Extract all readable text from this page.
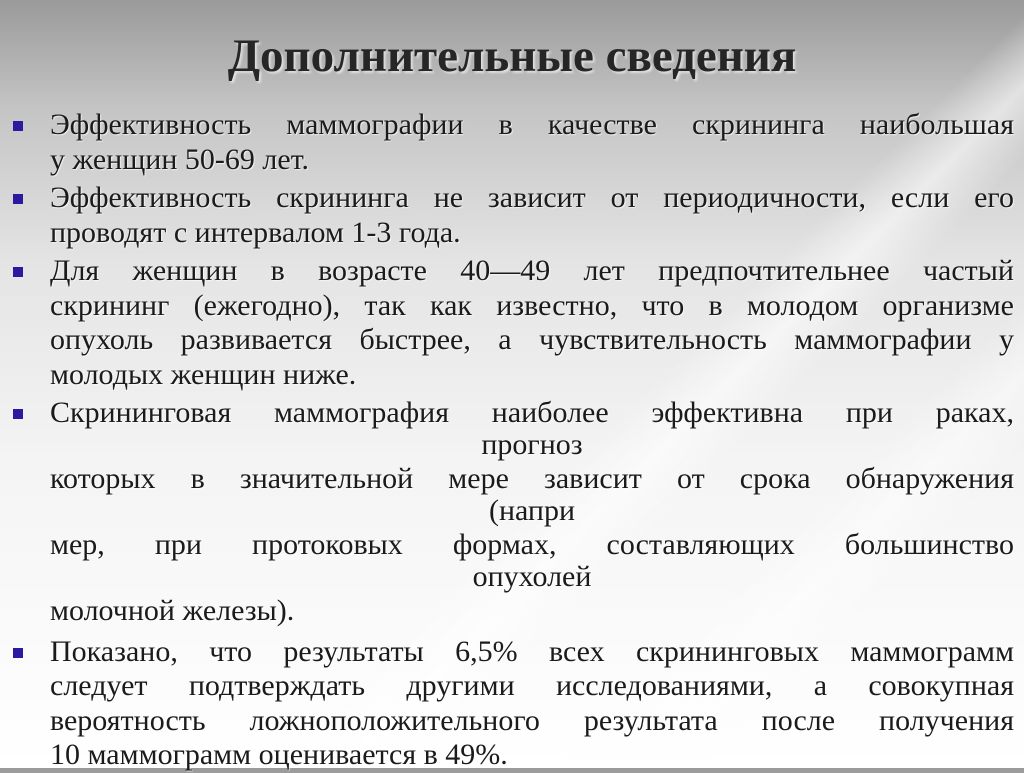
Дополнительные сведения
Эффективность маммографии в качестве скрининга наибольшая
у женщин 50-69 лет.
Эффективность скрининга не зависит от периодичности, если его
проводят с интервалом 1-3 года.
Для женщин в возрасте 40—49 лет предпочтительнее частый
скрининг (ежегодно), так как известно, что в молодом организме
опухоль развивается быстрее, а чувствительность маммографии у
молодых женщин ниже.
Скрининговая маммография наиболее эффективна при раках,
прогноз
которых в значительной мере зависит от срока обнаружения
(напри
мер, при протоковых формах, составляющих большинство
опухолей
молочной железы).
Показано, что результаты 6,5% всех скрининговых маммограмм
следует подтверждать другими исследованиями, а совокупная
вероятность ложноположительного результата после получения
10 маммограмм оценивается в 49%.
